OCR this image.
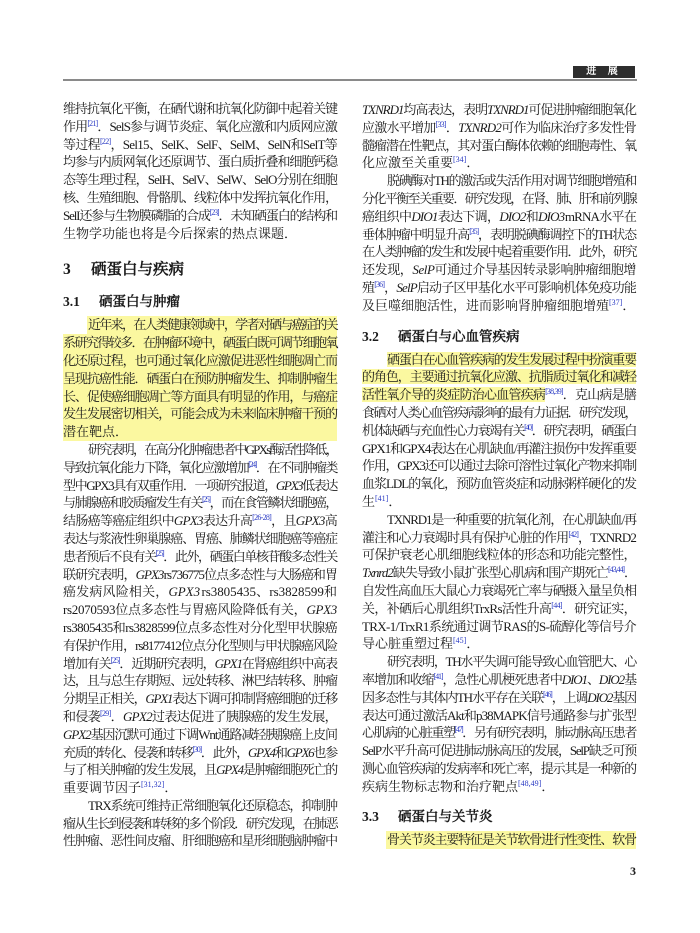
进 展
维持抗氧化平衡，在硒代谢和抗氧化防御中起着关键
作用[21]．SelS参与调节炎症、氧化应激和内质网应激
等过程[22]，Sel15、SelK、SelF、SelM、SelN和SelT等
均参与内质网氧化还原调节、蛋白质折叠和细胞钙稳
态等生理过程，SelH、SelV、SelW、SelO分别在细胞
核、生殖细胞、骨骼肌、线粒体中发挥抗氧化作用，
SelI还参与生物膜磷脂的合成[23]．未知硒蛋白的结构和
生物学功能也将是今后探索的热点课题．
3 硒蛋白与疾病
3.1 硒蛋白与肿瘤
近年来，在人类健康领域中，学者对硒与癌症的关
系研究得较多．在肿瘤环境中，硒蛋白既可调节细胞氧
化还原过程，也可通过氧化应激促进恶性细胞凋亡而
呈现抗癌性能．硒蛋白在预防肿瘤发生、抑制肿瘤生
长、促使癌细胞凋亡等方面具有明显的作用，与癌症
发生发展密切相关，可能会成为未来临床肿瘤干预的
潜在靶点．
研究表明，在高分化肿瘤患者中GPXs酶活性降低，
导致抗氧化能力下降，氧化应激增加[24]．在不同肿瘤类
型中GPX3具有双重作用．一项研究报道，GPX3低表达
与肺腺癌和胶质瘤发生有关[25]，而在食管鳞状细胞癌，
结肠癌等癌症组织中GPX3表达升高[26-28]，且GPX3高
表达与浆液性卵巢腺癌、胃癌、肺鳞状细胞癌等癌症
患者预后不良有关[25]．此外，硒蛋白单核苷酸多态性关
联研究表明，GPX3 rs736775位点多态性与大肠癌和胃
癌发病风险相关，GPX3 rs3805435、rs3828599和
rs2070593位点多态性与胃癌风险降低有关，GPX3
rs3805435和rs3828599位点多态性对分化型甲状腺癌
有保护作用，rs8177412位点分化型则与甲状腺癌风险
增加有关[25]．近期研究表明，GPX1在肾癌组织中高表
达，且与总生存期短、远处转移、淋巴结转移、肿瘤
分期呈正相关，GPX1表达下调可抑制肾癌细胞的迁移
和侵袭[29]．GPX2过表达促进了胰腺癌的发生发展，
GPX2基因沉默可通过下调Wnt通路减轻胰腺癌上皮间
充质的转化、侵袭和转移[30]．此外，GPX4和GPX6也参
与了相关肿瘤的发生发展，且GPX4是肿瘤细胞死亡的
重要调节因子[31,32]．
TRX系统可维持正常细胞氧化还原稳态，抑制肿
瘤从生长到侵袭和转移的多个阶段．研究发现，在肺恶
性肿瘤、恶性间皮瘤、肝细胞癌和星形细胞脑肿瘤中
TXNRD1均高表达，表明TXNRD1可促进肿瘤细胞氧化
应激水平增加[33]．TXNRD2可作为临床治疗多发性骨
髓瘤潜在性靶点，其对蛋白酶体依赖的细胞毒性、氧
化应激至关重要[34]．
脱碘酶对TH的激活或失活作用对调节细胞增殖和
分化平衡至关重要．研究发现，在肾、肺、肝和前列腺
癌组织中DIO1表达下调，DIO2和DIO3 mRNA水平在
垂体肿瘤中明显升高[35]，表明脱碘酶调控下的TH状态
在人类肿瘤的发生和发展中起着重要作用．此外，研究
还发现，SelP可通过介导基因转录影响肿瘤细胞增
殖[36]，SelP启动子区甲基化水平可影响机体免疫功能
及巨噬细胞活性，进而影响肾肿瘤细胞增殖[37]．
3.2 硒蛋白与心血管疾病
硒蛋白在心血管疾病的发生发展过程中扮演重要
的角色，主要通过抗氧化应激、抗脂质过氧化和减轻
活性氧介导的炎症防治心血管疾病[38,39]．克山病是膳
食硒对人类心血管疾病影响的最有力证据．研究发现，
机体缺硒与充血性心力衰竭有关[40]．研究表明，硒蛋白
GPX1和GPX4表达在心肌缺血/再灌注损伤中发挥重要
作用，GPX3还可以通过去除可溶性过氧化产物来抑制
血浆LDL的氧化，预防血管炎症和动脉粥样硬化的发
生[41]．
TXNRD1是一种重要的抗氧化剂，在心肌缺血/再
灌注和心力衰竭时具有保护心脏的作用[42]，TXNRD2
可保护衰老心肌细胞线粒体的形态和功能完整性，
Txnrd2缺失导致小鼠扩张型心肌病和围产期死亡[43,44]．
自发性高血压大鼠心力衰竭死亡率与硒摄入量呈负相
关，补硒后心肌组织TrxRs活性升高[44]．研究证实，
TRX-1/TrxR1系统通过调节RAS的S-硫醇化等信号介
导心脏重塑过程[45]．
研究表明，TH水平失调可能导致心血管肥大、心
率增加和收缩[41]，急性心肌梗死患者中DIO1、DIO2基
因多态性与其体内TH水平存在关联[46]，上调DIO2基因
表达可通过激活Akt和p38MAPK信号通路参与扩张型
心肌病的心脏重塑[47]．另有研究表明，肺动脉高压患者
SelP水平升高可促进肺动脉高压的发展，SelP缺乏可预
测心血管疾病的发病率和死亡率，提示其是一种新的
疾病生物标志物和治疗靶点[48,49]．
3.3 硒蛋白与关节炎
骨关节炎主要特征是关节软骨进行性变性、软骨
3
